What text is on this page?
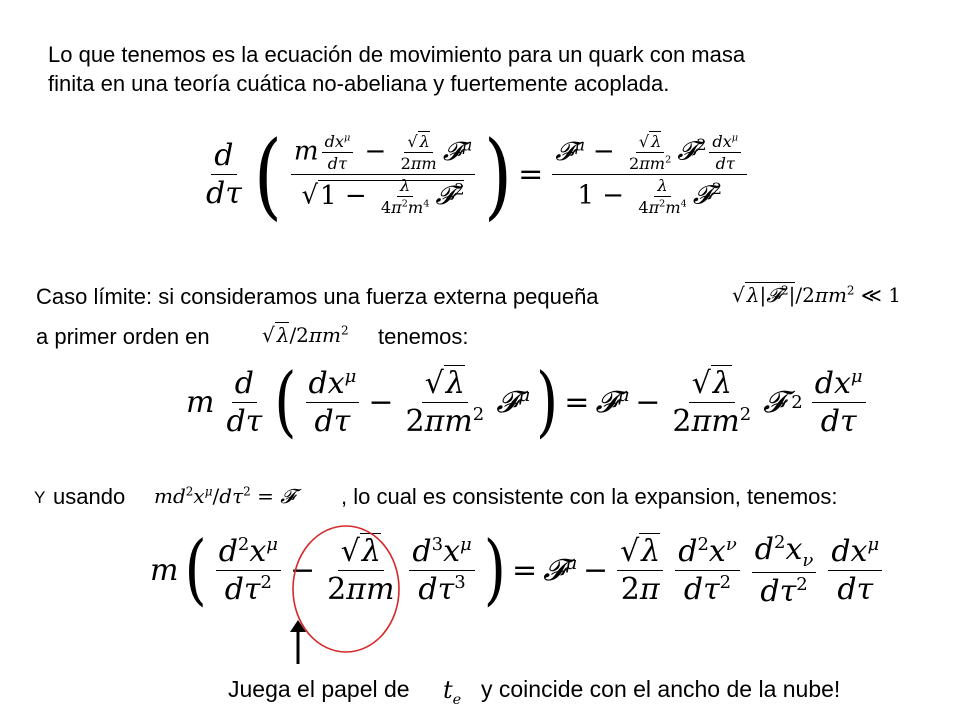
Lo que tenemos es la ecuación de movimiento para un quark con masa
finita en una teoría cuática no-abeliana y fuertemente acoplada.
$\frac{d}{d\tau}$ ( $\frac{m \frac{dx^\mu}{d\tau} - \frac{√ \lambda}{2\pi m} 𝓕^\mu}{√1 - \frac{\lambda}{4\pi^2m^4} 𝓕^2}$ ) = $\frac{𝓕^\mu - \frac{√ \lambda}{2\pi m^2} 𝓕^2 \frac{dx^\mu}{d\tau}}{1 - \frac{\lambda}{4\pi^2m^4} 𝓕^2}$
Caso límite: si consideramos una fuerza externa pequeña	√ $\lambda|𝓕^2|/2\pi m^2$ ≪ 1
a primer orden en	√ $\lambda/2\pi m^2$ tenemos:
m $\frac{d}{d\tau}$ ( $\frac{dx^\mu}{d\tau} - \frac{√\lambda}{2\pi m^2}$ 𝓕$^\mu$ ) = 𝓕$^\mu$ − $\frac{√\lambda}{2\pi m^2}$ 𝓕 $2 \frac{dx^\mu}{d\tau}$
Y usando $md^2x^\mu/d\tau^2$ = 𝓕 , lo cual es consistente con la expansion, tenemos:
m ( $\frac{d^2x^\mu}{d\tau^2} - \frac{√\lambda}{2\pi m} \frac{d^3x^\mu}{d\tau^3}$ ) = 𝓕$^\mu$ − $\frac{√\lambda}{2\pi} \frac{d^2x^\nu}{d\tau^2} \frac{d^2x_\nu}{d\tau^2} \frac{dx^\mu}{d\tau}$
Juega el papel de $t_e$ y coincide con el ancho de la nube!
